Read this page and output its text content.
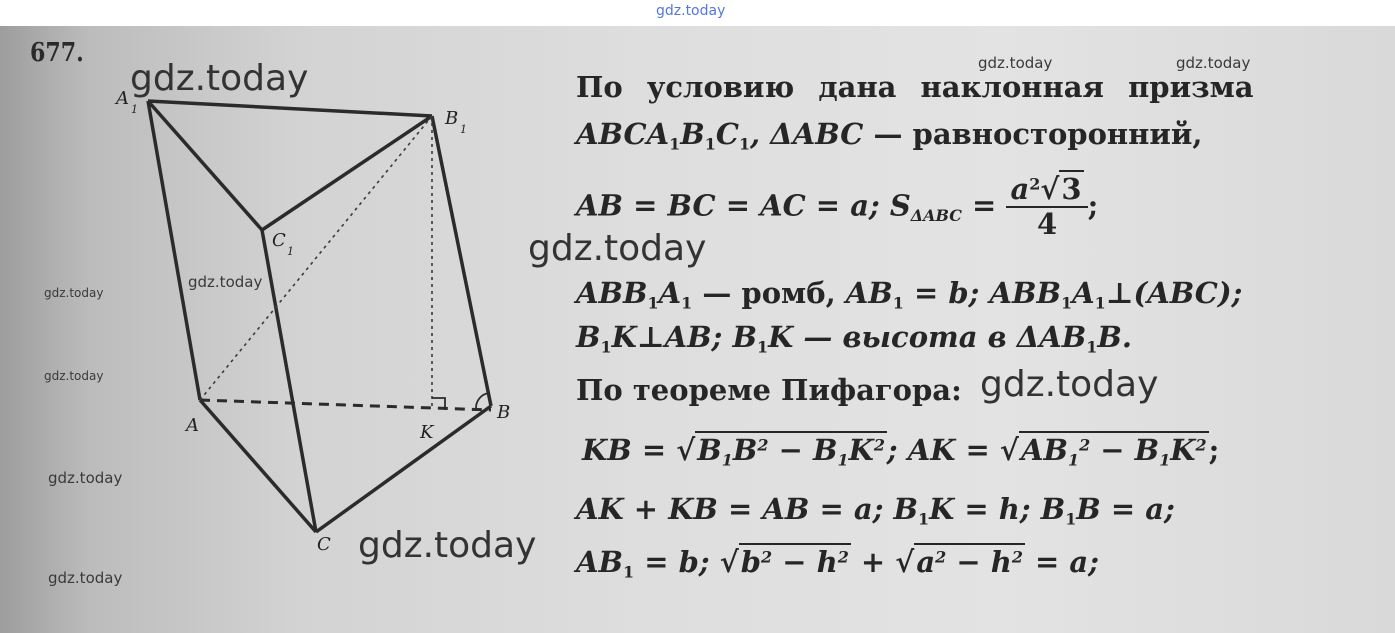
A
1	B
1
C
1
A
B
C
K
677.
По условию дана наклонная призма
$ABCA_1B_1C_1$, ΔABC — равносторонний,
AB = BC = AC = a; $S_{\Delta ABC} = \frac{a^2√3}{4}$ ;
$ABB_1A_1$ — ромб, $AB_1 = b$; $ABB_1A_1\perp(ABC)$;
$B_1K\perp AB$; $B_1K$ — высота в $\Delta AB_1B$.
По теореме Пифагора:
KB = $√B_1B^2 - B_1K^2$; AK = $√AB_1^2 - B_1K^2$;
AK + KB = AB = a; $B_1K = h$; $B_1B = a$;
$AB_1 = b$; $√b^2 - h^2 + √a^2 - h^2 = a$;
gdz.today
gdz.today	gdz.today	gdz.today
gdz.today
gdz.today
gdz.today
gdz.today	gdz.today
gdz.today
gdz.today
gdz.today
